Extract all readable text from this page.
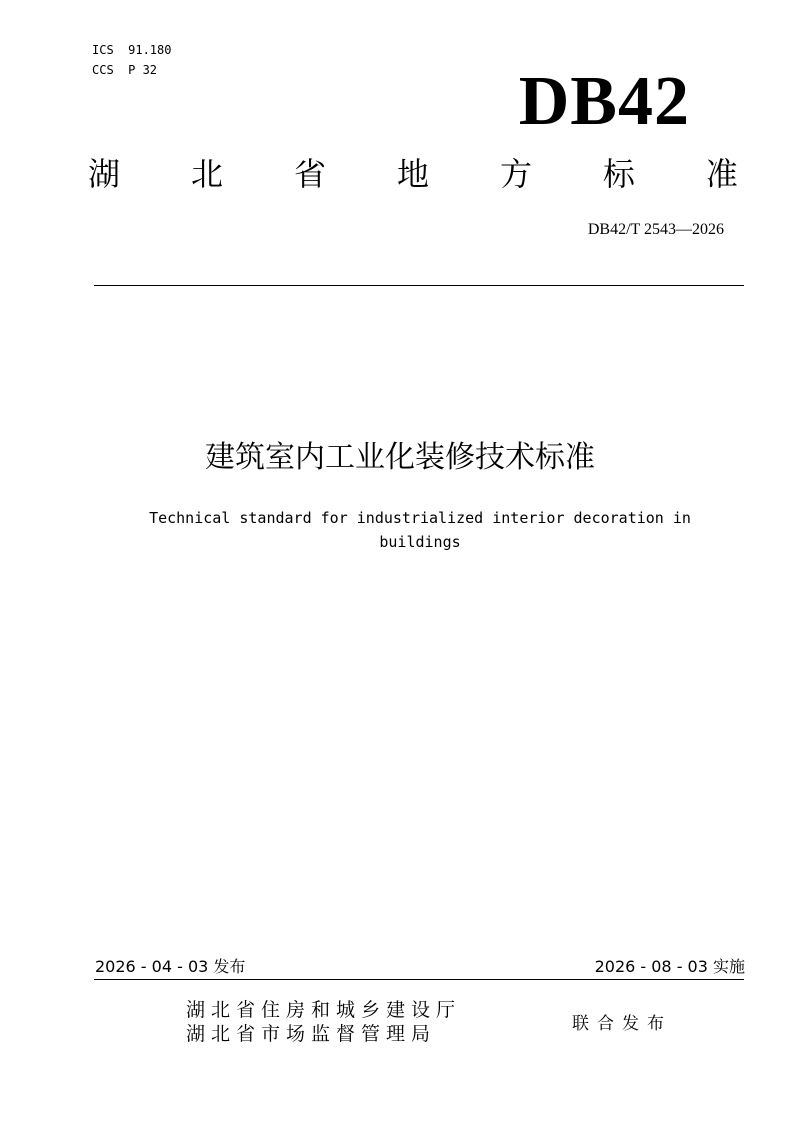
ICS  91.180
CCS  P 32	DB42
湖 北 省 地 方 标 准
DB42/T 2543—2026
建筑室内工业化装修技术标准
Technical standard for industrialized interior decoration in
buildings
2026 - 04 - 03 发布	2026 - 08 - 03 实施
湖北省住房和城乡建设厅
湖北省市场监督管理局	联合发布
